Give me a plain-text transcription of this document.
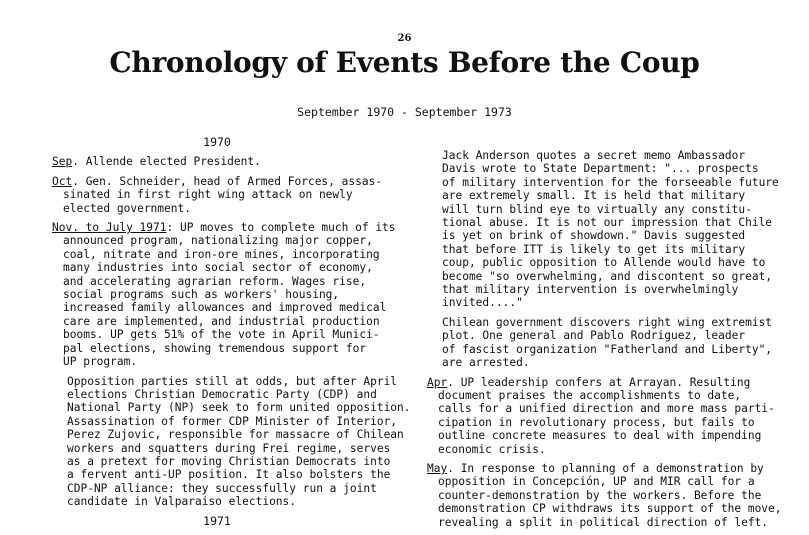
26
Chronology of Events Before the Coup
September 1970 - September 1973
1970
Sep. Allende elected President.
Oct. Gen. Schneider, head of Armed Forces, assas-
sinated in first right wing attack on newly
elected government.
Nov. to July 1971: UP moves to complete much of its
announced program, nationalizing major copper,
coal, nitrate and iron-ore mines, incorporating
many industries into social sector of economy,
and accelerating agrarian reform. Wages rise,
social programs such as workers' housing,
increased family allowances and improved medical
care are implemented, and industrial production
booms. UP gets 51% of the vote in April Munici-
pal elections, showing tremendous support for
UP program.
Opposition parties still at odds, but after April
elections Christian Democratic Party (CDP) and
National Party (NP) seek to form united opposition.
Assassination of former CDP Minister of Interior,
Perez Zujovic, responsible for massacre of Chilean
workers and squatters during Frei regime, serves
as a pretext for moving Christian Democrats into
a fervent anti-UP position. It also bolsters the
CDP-NP alliance: they successfully run a joint
candidate in Valparaiso elections.
1971
Jack Anderson quotes a secret memo Ambassador
Davis wrote to State Department: "... prospects
of military intervention for the forseeable future
are extremely small. It is held that military
will turn blind eye to virtually any constitu-
tional abuse. It is not our impression that Chile
is yet on brink of showdown." Davis suggested
that before ITT is likely to get its military
coup, public opposition to Allende would have to
become "so overwhelming, and discontent so great,
that military intervention is overwhelmingly
invited...."
Chilean government discovers right wing extremist
plot. One general and Pablo Rodriguez, leader
of fascist organization "Fatherland and Liberty",
are arrested.
Apr. UP leadership confers at Arrayan. Resulting
document praises the accomplishments to date,
calls for a unified direction and more mass parti-
cipation in revolutionary process, but fails to
outline concrete measures to deal with impending
economic crisis.
May. In response to planning of a demonstration by
opposition in Concepción, UP and MIR call for a
counter-demonstration by the workers. Before the
demonstration CP withdraws its support of the move,
revealing a split in political direction of left.
